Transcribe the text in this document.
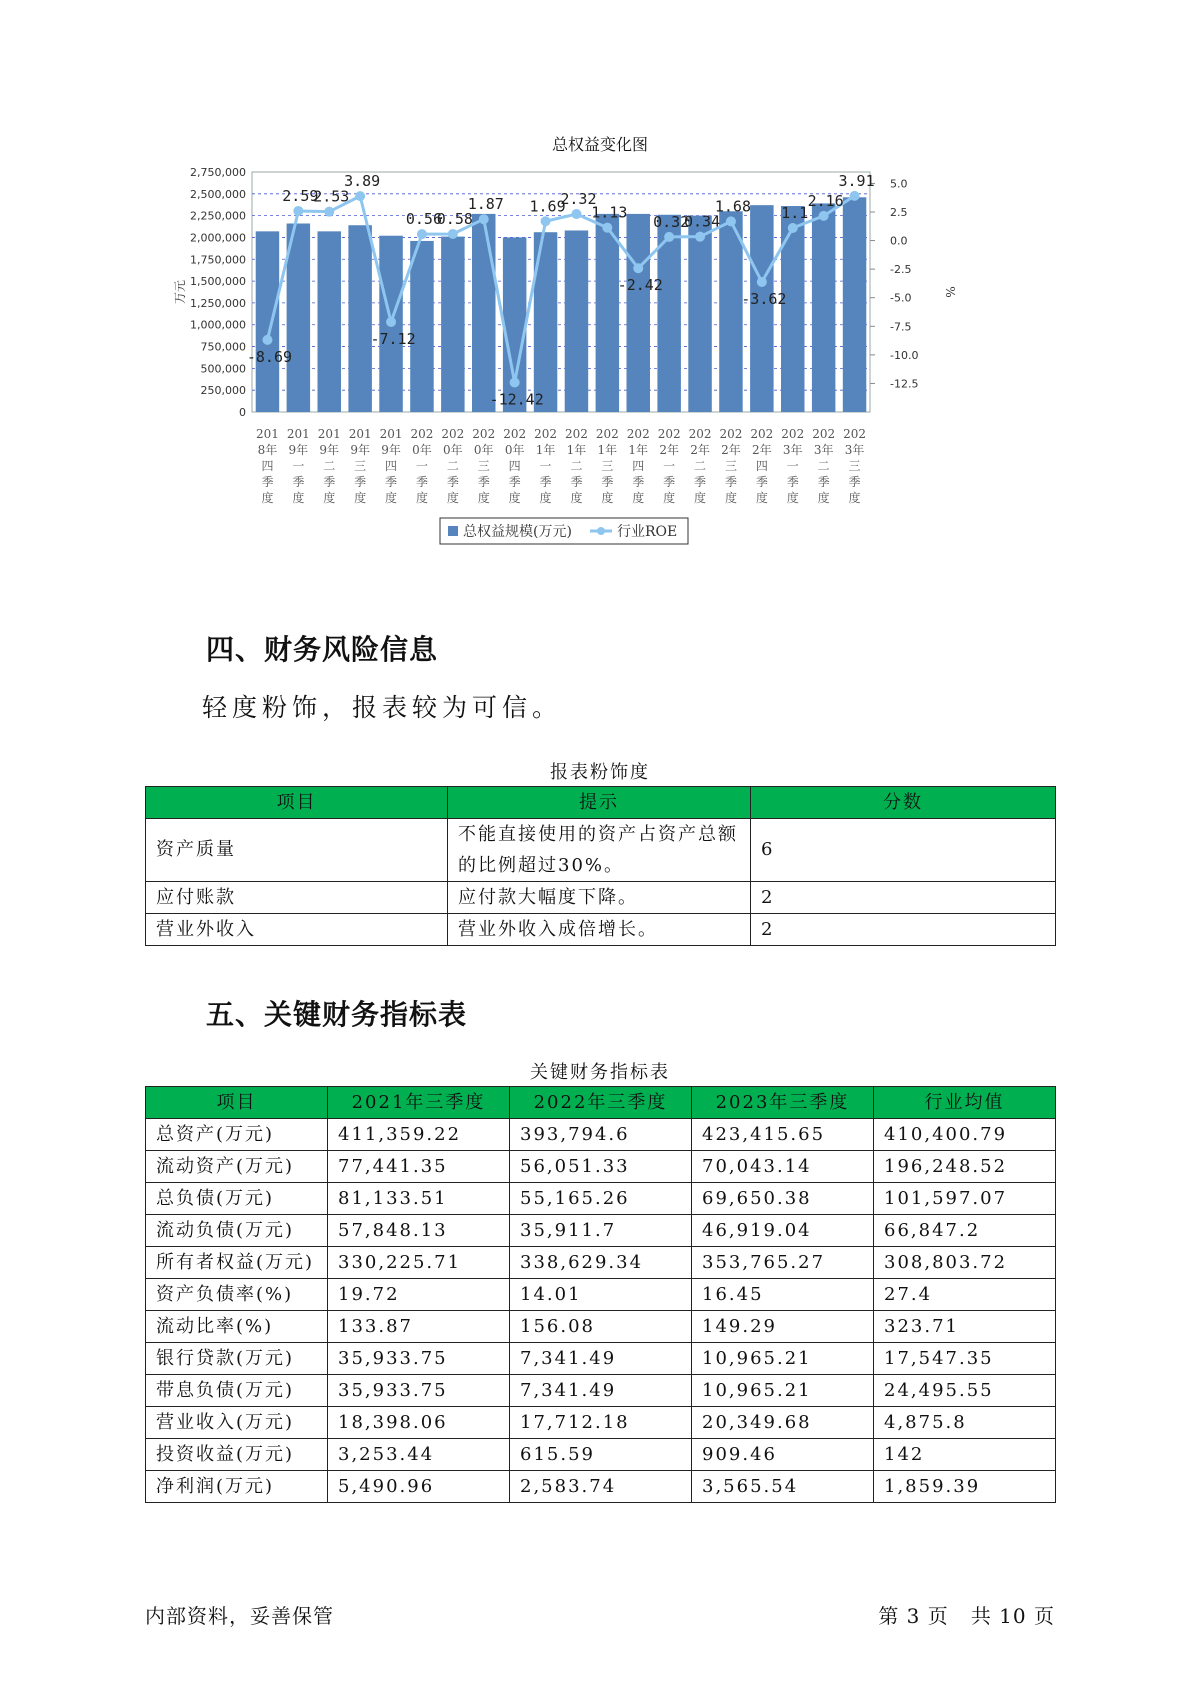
总权益变化图
2,750,000
2,500,000
2,250,000
2,000,000
1,750,000
1,500,000
1,250,000
1,000,000
750,000
500,000
250,000
0
万元
5.0
2.5
0.0
-2.5
-5.0
-7.5
-10.0
-12.5
%
201 8年四季度
201 9年一季度
201 9年二季度
201 9年三季度
201 9年四季度
202 0年一季度
202 0年二季度
202 0年三季度
202 0年四季度
202 1年一季度
202 1年二季度
202 1年三季度
202 1年四季度
202 2年一季度
202 2年二季度
202 2年三季度
202 2年四季度
202 3年一季度
202 3年二季度
202 3年三季度
-8.69
2.59
2.53
3.89
-7.12
0.56
0.58
1.87
-12.42
1.69
2.32
1.13
-2.42
0.32
0.34
1.68
-3.62
1.1
2.16
3.91
总权益规模(万元)	行业ROE
四、财务风险信息

轻度粉饰，报表较为可信。

报表粉饰度
项目	提示	分数
资产质量	不能直接使用的资产占资产总额的比例超过30%。	6
应付账款	应付款大幅度下降。	2
营业外收入	营业外收入成倍增长。	2
五、关键财务指标表
关键财务指标表
项目	2021年三季度	2022年三季度	2023年三季度	行业均值
总资产(万元)	411,359.22	393,794.6	423,415.65	410,400.79
流动资产(万元)	77,441.35	56,051.33	70,043.14	196,248.52
总负债(万元)	81,133.51	55,165.26	69,650.38	101,597.07
流动负债(万元)	57,848.13	35,911.7	46,919.04	66,847.2
所有者权益(万元)	330,225.71	338,629.34	353,765.27	308,803.72
资产负债率(%)	19.72	14.01	16.45	27.4
流动比率(%)	133.87	156.08	149.29	323.71
银行贷款(万元)	35,933.75	7,341.49	10,965.21	17,547.35
带息负债(万元)	35,933.75	7,341.49	10,965.21	24,495.55
营业收入(万元)	18,398.06	17,712.18	20,349.68	4,875.8
投资收益(万元)	3,253.44	615.59	909.46	142
净利润(万元)	5,490.96	2,583.74	3,565.54	1,859.39
内部资料，妥善保管	第 3 页   共 10 页
